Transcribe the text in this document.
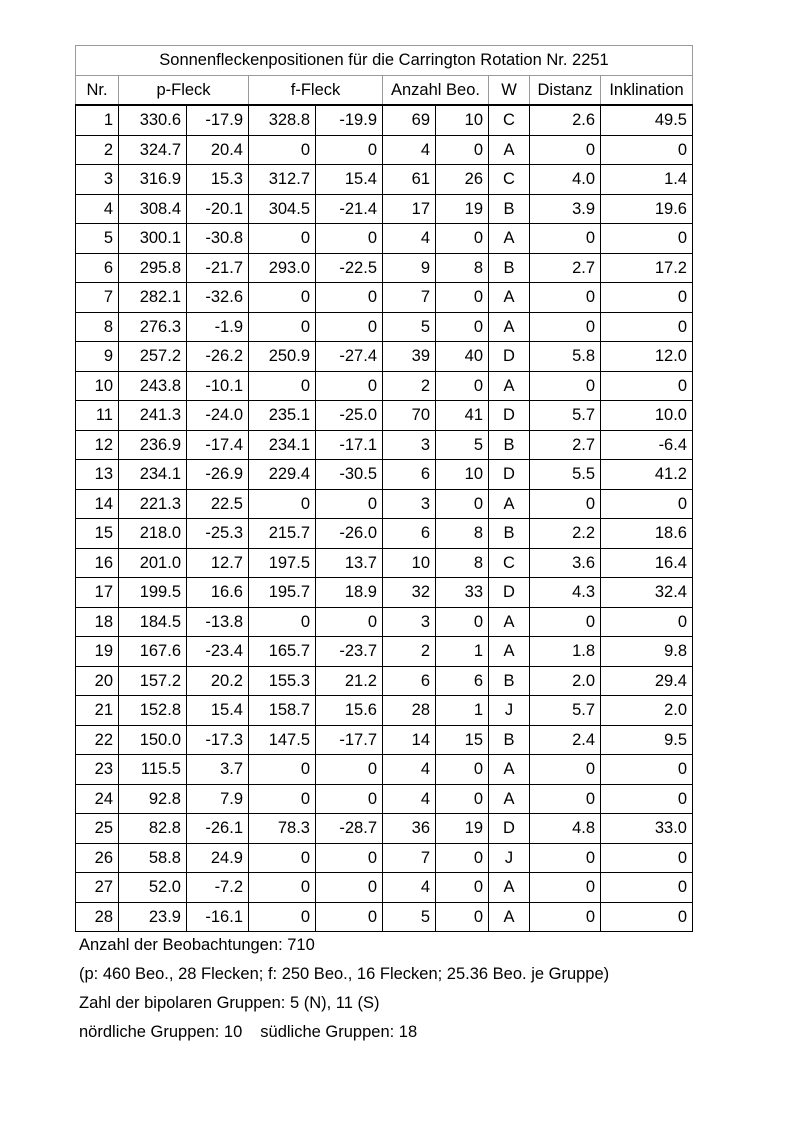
Sonnenfleckenpositionen für die Carrington Rotation Nr. 2251									
Nr.	p-Fleck		f-Fleck		Anzahl Beo.		W	Distanz	Inklination
1	330.6	-17.9	328.8	-19.9	69	10	C	2.6	49.5
2	324.7	20.4	0	0	4	0	A	0	0
3	316.9	15.3	312.7	15.4	61	26	C	4.0	1.4
4	308.4	-20.1	304.5	-21.4	17	19	B	3.9	19.6
5	300.1	-30.8	0	0	4	0	A	0	0
6	295.8	-21.7	293.0	-22.5	9	8	B	2.7	17.2
7	282.1	-32.6	0	0	7	0	A	0	0
8	276.3	-1.9	0	0	5	0	A	0	0
9	257.2	-26.2	250.9	-27.4	39	40	D	5.8	12.0
10	243.8	-10.1	0	0	2	0	A	0	0
11	241.3	-24.0	235.1	-25.0	70	41	D	5.7	10.0
12	236.9	-17.4	234.1	-17.1	3	5	B	2.7	-6.4
13	234.1	-26.9	229.4	-30.5	6	10	D	5.5	41.2
14	221.3	22.5	0	0	3	0	A	0	0
15	218.0	-25.3	215.7	-26.0	6	8	B	2.2	18.6
16	201.0	12.7	197.5	13.7	10	8	C	3.6	16.4
17	199.5	16.6	195.7	18.9	32	33	D	4.3	32.4
18	184.5	-13.8	0	0	3	0	A	0	0
19	167.6	-23.4	165.7	-23.7	2	1	A	1.8	9.8
20	157.2	20.2	155.3	21.2	6	6	B	2.0	29.4
21	152.8	15.4	158.7	15.6	28	1	J	5.7	2.0
22	150.0	-17.3	147.5	-17.7	14	15	B	2.4	9.5
23	115.5	3.7	0	0	4	0	A	0	0
24	92.8	7.9	0	0	4	0	A	0	0
25	82.8	-26.1	78.3	-28.7	36	19	D	4.8	33.0
26	58.8	24.9	0	0	7	0	J	0	0
27	52.0	-7.2	0	0	4	0	A	0	0
28	23.9	-16.1	0	0	5	0	A	0	0
Anzahl der Beobachtungen: 710
(p: 460 Beo., 28 Flecken; f: 250 Beo., 16 Flecken; 25.36 Beo. je Gruppe)
Zahl der bipolaren Gruppen: 5 (N), 11 (S)
nördliche Gruppen: 10 südliche Gruppen: 18
